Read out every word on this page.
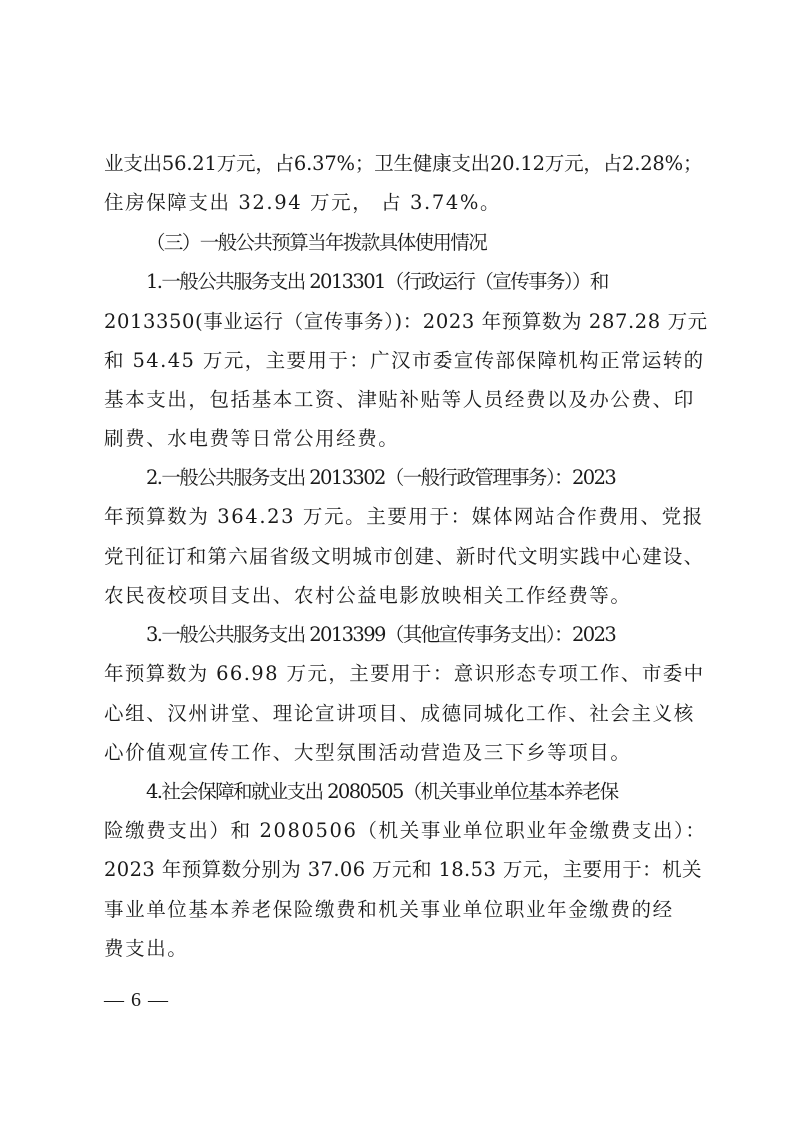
业支出56.21万元，占6.37%；卫生健康支出20.12万元，占2.28%；
住房保障支出 32.94 万元， 占 3.74%。
（三）一般公共预算当年拨款具体使用情况
1.一般公共服务支出 2013301（行政运行（宣传事务））和
2013350(事业运行（宣传事务）)：2023 年预算数为 287.28 万元
和 54.45 万元，主要用于：广汉市委宣传部保障机构正常运转的
基本支出，包括基本工资、津贴补贴等人员经费以及办公费、印
刷费、水电费等日常公用经费。
2.一般公共服务支出 2013302（一般行政管理事务）：2023
年预算数为 364.23 万元。主要用于：媒体网站合作费用、党报
党刊征订和第六届省级文明城市创建、新时代文明实践中心建设、
农民夜校项目支出、农村公益电影放映相关工作经费等。
3.一般公共服务支出 2013399（其他宣传事务支出）：2023
年预算数为 66.98 万元，主要用于：意识形态专项工作、市委中
心组、汉州讲堂、理论宣讲项目、成德同城化工作、社会主义核
心价值观宣传工作、大型氛围活动营造及三下乡等项目。
4.社会保障和就业支出 2080505（机关事业单位基本养老保
险缴费支出）和 2080506（机关事业单位职业年金缴费支出）：
2023 年预算数分别为 37.06 万元和 18.53 万元，主要用于：机关
事业单位基本养老保险缴费和机关事业单位职业年金缴费的经
费支出。
— 6 —
